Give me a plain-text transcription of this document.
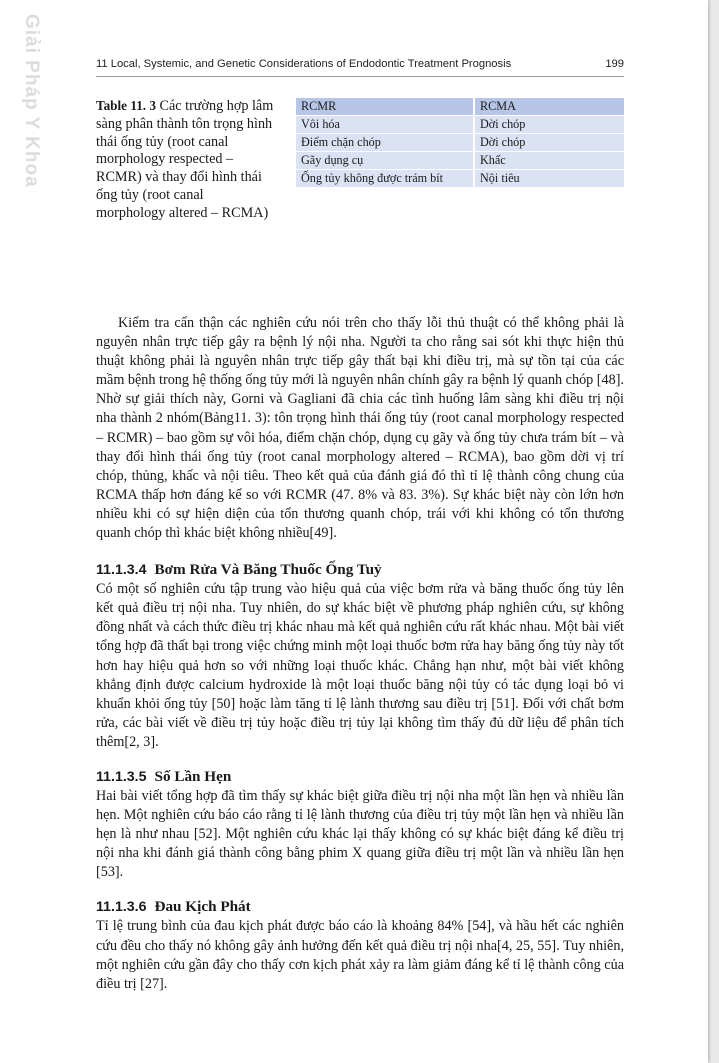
Giải Pháp Y Khoa	11 Local, Systemic, and Genetic Considerations of Endodontic Treatment Prognosis	199
Table 11. 3 Các trường hợp lâm sàng phân thành tôn trọng hình thái ống tủy (root canal morphology respected – RCMR) và thay đổi hình thái ống tủy (root canal morphology altered – RCMA)
RCMR	RCMA
Vôi hóa	Dời chóp
Điểm chặn chóp	Dời chóp
Gãy dụng cụ	Khấc
Ống tủy không được trám bít	Nội tiêu

Kiểm tra cẩn thận các nghiên cứu nói trên cho thấy lỗi thủ thuật có thể không phải là nguyên nhân trực tiếp gây ra bệnh lý nội nha. Người ta cho rằng sai sót khi thực hiện thủ thuật không phải là nguyên nhân trực tiếp gây thất bại khi điều trị, mà sự tồn tại của các mầm bệnh trong hệ thống ống tủy mới là nguyên nhân chính gây ra bệnh lý quanh chóp [48]. Nhờ sự giải thích này, Gorni và Gagliani đã chia các tình huống lâm sàng khi điều trị nội nha thành 2 nhóm(Bảng11. 3): tôn trọng hình thái ống tủy (root canal morphology respected – RCMR) – bao gồm sự vôi hóa, điểm chặn chóp, dụng cụ gãy và ống tủy chưa trám bít – và thay đổi hình thái ống tủy (root canal morphology altered – RCMA), bao gồm dời vị trí chóp, thủng, khấc và nội tiêu. Theo kết quả của đánh giá đó thì tỉ lệ thành công chung của RCMA thấp hơn đáng kể so với RCMR (47. 8% và 83. 3%). Sự khác biệt này còn lớn hơn nhiều khi có sự hiện diện của tổn thương quanh chóp, trái với khi không có tổn thương quanh chóp thì khác biệt không nhiều[49].

11.1.3.4 Bơm Rửa Và Băng Thuốc Ống Tuỷ

Có một số nghiên cứu tập trung vào hiệu quả của việc bơm rửa và băng thuốc ống tủy lên kết quả điều trị nội nha. Tuy nhiên, do sự khác biệt về phương pháp nghiên cứu, sự không đồng nhất và cách thức điều trị khác nhau mà kết quả nghiên cứu rất khác nhau. Một bài viết tổng hợp đã thất bại trong việc chứng minh một loại thuốc bơm rửa hay băng ống tủy này tốt hơn hay hiệu quả hơn so với những loại thuốc khác. Chẳng hạn như, một bài viết không khẳng định được calcium hydroxide là một loại thuốc băng nội tủy có tác dụng loại bỏ vi khuẩn khỏi ống tủy [50] hoặc làm tăng tỉ lệ lành thương sau điều trị [51]. Đối với chất bơm rửa, các bài viết về điều trị tủy hoặc điều trị tủy lại không tìm thấy đủ dữ liệu để phân tích thêm[2, 3].

11.1.3.5 Số Lần Hẹn

Hai bài viết tổng hợp đã tìm thấy sự khác biệt giữa điều trị nội nha một lần hẹn và nhiều lần hẹn. Một nghiên cứu báo cáo rằng tỉ lệ lành thương của điều trị tủy một lần hẹn và nhiều lần hẹn là như nhau [52]. Một nghiên cứu khác lại thấy không có sự khác biệt đáng kể điều trị nội nha khi đánh giá thành công bằng phim X quang giữa điều trị một lần và nhiều lần hẹn [53].

11.1.3.6 Đau Kịch Phát

Tỉ lệ trung bình của đau kịch phát được báo cáo là khoảng 84% [54], và hầu hết các nghiên cứu đều cho thấy nó không gây ảnh hưởng đến kết quả điều trị nội nha[4, 25, 55]. Tuy nhiên, một nghiên cứu gần đây cho thấy cơn kịch phát xảy ra làm giảm đáng kể tỉ lệ thành công của điều trị [27].
